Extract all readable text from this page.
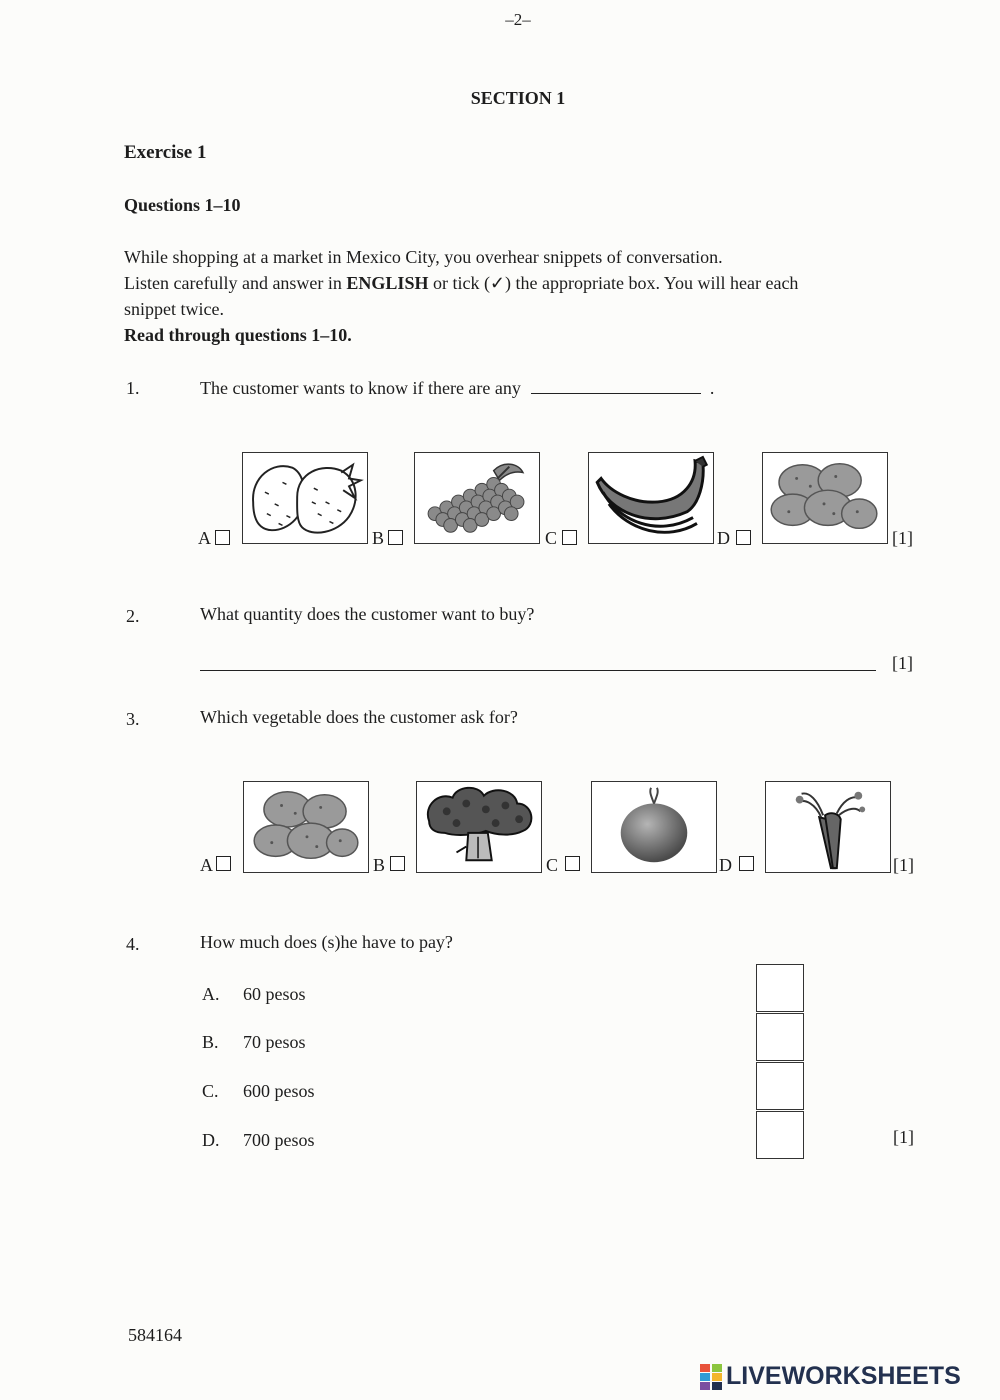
–2–
SECTION 1
Exercise 1
Questions 1–10
While shopping at a market in Mexico City, you overhear snippets of conversation.
Listen carefully and answer in ENGLISH or tick (✓) the appropriate box. You will hear each
snippet twice.
Read through questions 1–10.
1.	The customer wants to know if there are any	.
A	B	C	D	[1]
2.	What quantity does the customer want to buy?
[1]
3.	Which vegetable does the customer ask for?
A	B	C	D	[1]
4.	How much does (s)he have to pay?
A. 60 pesos
B. 70 pesos
C. 600 pesos
D. 700 pesos	[1]
584164
LIVEWORKSHEETS
